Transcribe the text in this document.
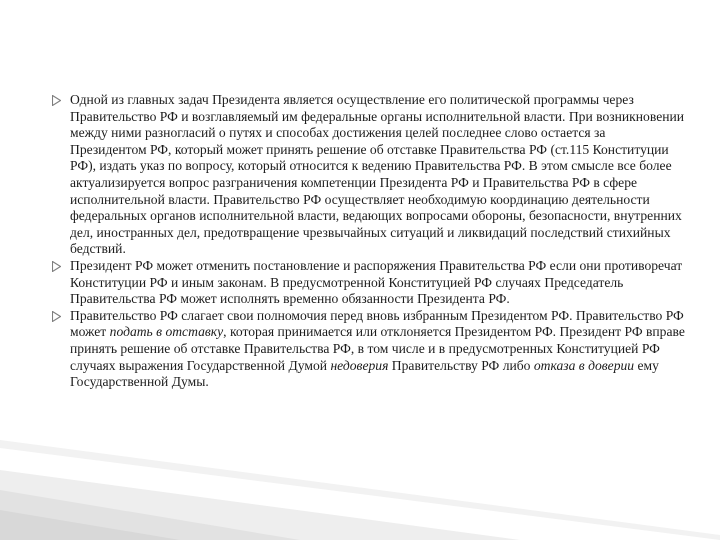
Одной из главных задач Президента является осуществление его политической программы через Правительство РФ и возглавляемый им федеральные органы исполнительной власти. При возникновении между ними разногласий о путях и способах достижения целей последнее слово остается за Президентом РФ, который может принять решение об отставке Правительства РФ (ст.115 Конституции РФ), издать указ по вопросу, который относится к ведению Правительства РФ. В этом смысле все более актуализируется вопрос разграничения компетенции Президента РФ и Правительства РФ в сфере исполнительной власти. Правительство РФ осуществляет необходимую координацию деятельности федеральных органов исполнительной власти, ведающих вопросами обороны, безопасности, внутренних дел, иностранных дел, предотвращение чрезвычайных ситуаций и ликвидаций последствий стихийных бедствий.

Президент РФ может отменить постановление и распоряжения Правительства РФ если они противоречат Конституции РФ и иным законам. В предусмотренной Конституцией РФ случаях Председатель Правительства РФ может исполнять временно обязанности Президента РФ.

Правительство РФ слагает свои полномочия перед вновь избранным Президентом РФ. Правительство РФ может подать в отставку, которая принимается или отклоняется Президентом РФ. Президент РФ вправе принять решение об отставке Правительства РФ, в том числе и в предусмотренных Конституцией РФ случаях выражения Государственной Думой недоверия Правительству РФ либо отказа в доверии ему Государственной Думы.
